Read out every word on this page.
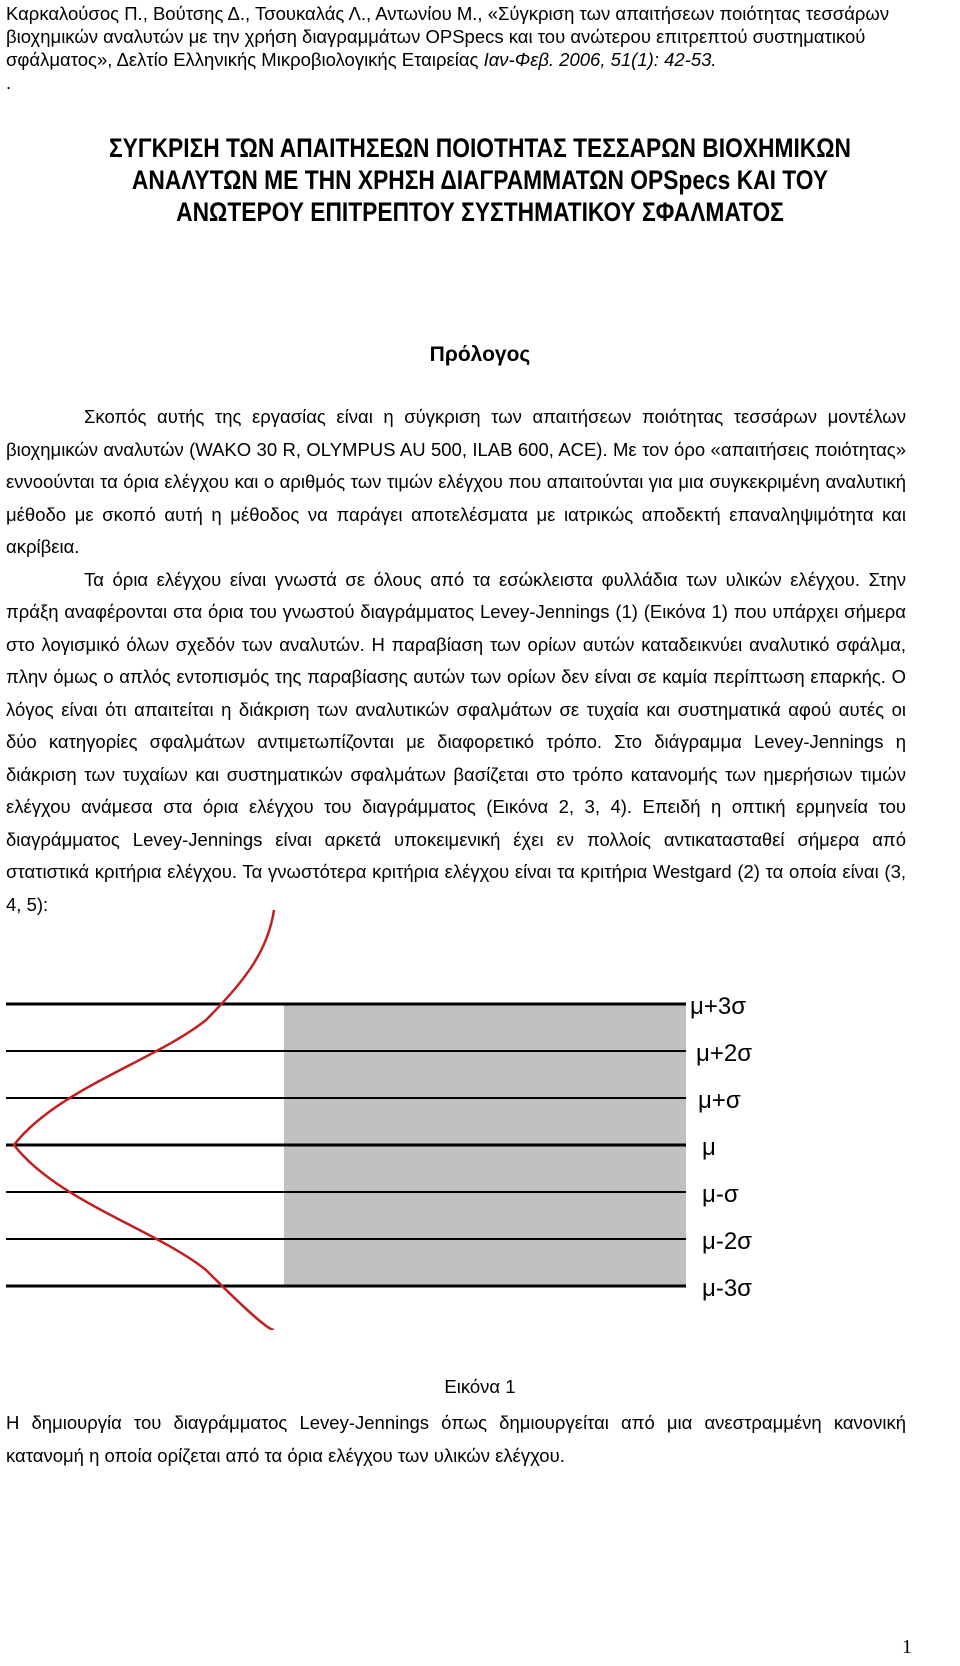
Καρκαλούσος Π., Βούτσης Δ., Τσουκαλάς Λ., Αντωνίου Μ., «Σύγκριση των απαιτήσεων ποιότητας τεσσάρων βιοχημικών αναλυτών με την χρήση διαγραμμάτων OPSpecs και του ανώτερου επιτρεπτού συστηματικού σφάλματος», Δελτίο Ελληνικής Μικροβιολογικής Εταιρείας Ιαν-Φεβ. 2006, 51(1): 42-53.
.
ΣΥΓΚΡΙΣΗ ΤΩΝ ΑΠΑΙΤΗΣΕΩΝ ΠΟΙΟΤΗΤΑΣ ΤΕΣΣΑΡΩΝ ΒΙΟΧΗΜΙΚΩΝ ΑΝΑΛΥΤΩΝ ΜΕ ΤΗΝ ΧΡΗΣΗ ΔΙΑΓΡΑΜΜΑΤΩΝ OPSpecs ΚΑΙ ΤΟΥ ΑΝΩΤΕΡΟΥ ΕΠΙΤΡΕΠΤΟΥ ΣΥΣΤΗΜΑΤΙΚΟΥ ΣΦΑΛΜΑΤΟΣ
Πρόλογος

Σκοπός αυτής της εργασίας είναι η σύγκριση των απαιτήσεων ποιότητας τεσσάρων μοντέλων βιοχημικών αναλυτών (WAKO 30 R, OLYMPUS AU 500, ILAB 600, ACE). Με τον όρο «απαιτήσεις ποιότητας» εννοούνται τα όρια ελέγχου και ο αριθμός των τιμών ελέγχου που απαιτούνται για μια συγκεκριμένη αναλυτική μέθοδο με σκοπό αυτή η μέθοδος να παράγει αποτελέσματα με ιατρικώς αποδεκτή επαναληψιμότητα και ακρίβεια.

Τα όρια ελέγχου είναι γνωστά σε όλους από τα εσώκλειστα φυλλάδια των υλικών ελέγχου. Στην πράξη αναφέρονται στα όρια του γνωστού διαγράμματος Levey-Jennings (1) (Εικόνα 1) που υπάρχει σήμερα στο λογισμικό όλων σχεδόν των αναλυτών. Η παραβίαση των ορίων αυτών καταδεικνύει αναλυτικό σφάλμα, πλην όμως ο απλός εντοπισμός της παραβίασης αυτών των ορίων δεν είναι σε καμία περίπτωση επαρκής. Ο λόγος είναι ότι απαιτείται η διάκριση των αναλυτικών σφαλμάτων σε τυχαία και συστηματικά αφού αυτές οι δύο κατηγορίες σφαλμάτων αντιμετωπίζονται με διαφορετικό τρόπο. Στο διάγραμμα Levey-Jennings η διάκριση των τυχαίων και συστηματικών σφαλμάτων βασίζεται στο τρόπο κατανομής των ημερήσιων τιμών ελέγχου ανάμεσα στα όρια ελέγχου του διαγράμματος (Εικόνα 2, 3, 4). Επειδή η οπτική ερμηνεία του διαγράμματος Levey-Jennings είναι αρκετά υποκειμενική έχει εν πολλοίς αντικατασταθεί σήμερα από στατιστικά κριτήρια ελέγχου. Τα γνωστότερα κριτήρια ελέγχου είναι τα κριτήρια Westgard (2) τα οποία είναι (3, 4, 5):

μ+3σ
μ+2σ
μ+σ
μ
μ-σ
μ-2σ
μ-3σ
Εικόνα 1
Η δημιουργία του διαγράμματος Levey-Jennings όπως δημιουργείται από μια ανεστραμμένη κανονική κατανομή η οποία ορίζεται από τα όρια ελέγχου των υλικών ελέγχου.
1
